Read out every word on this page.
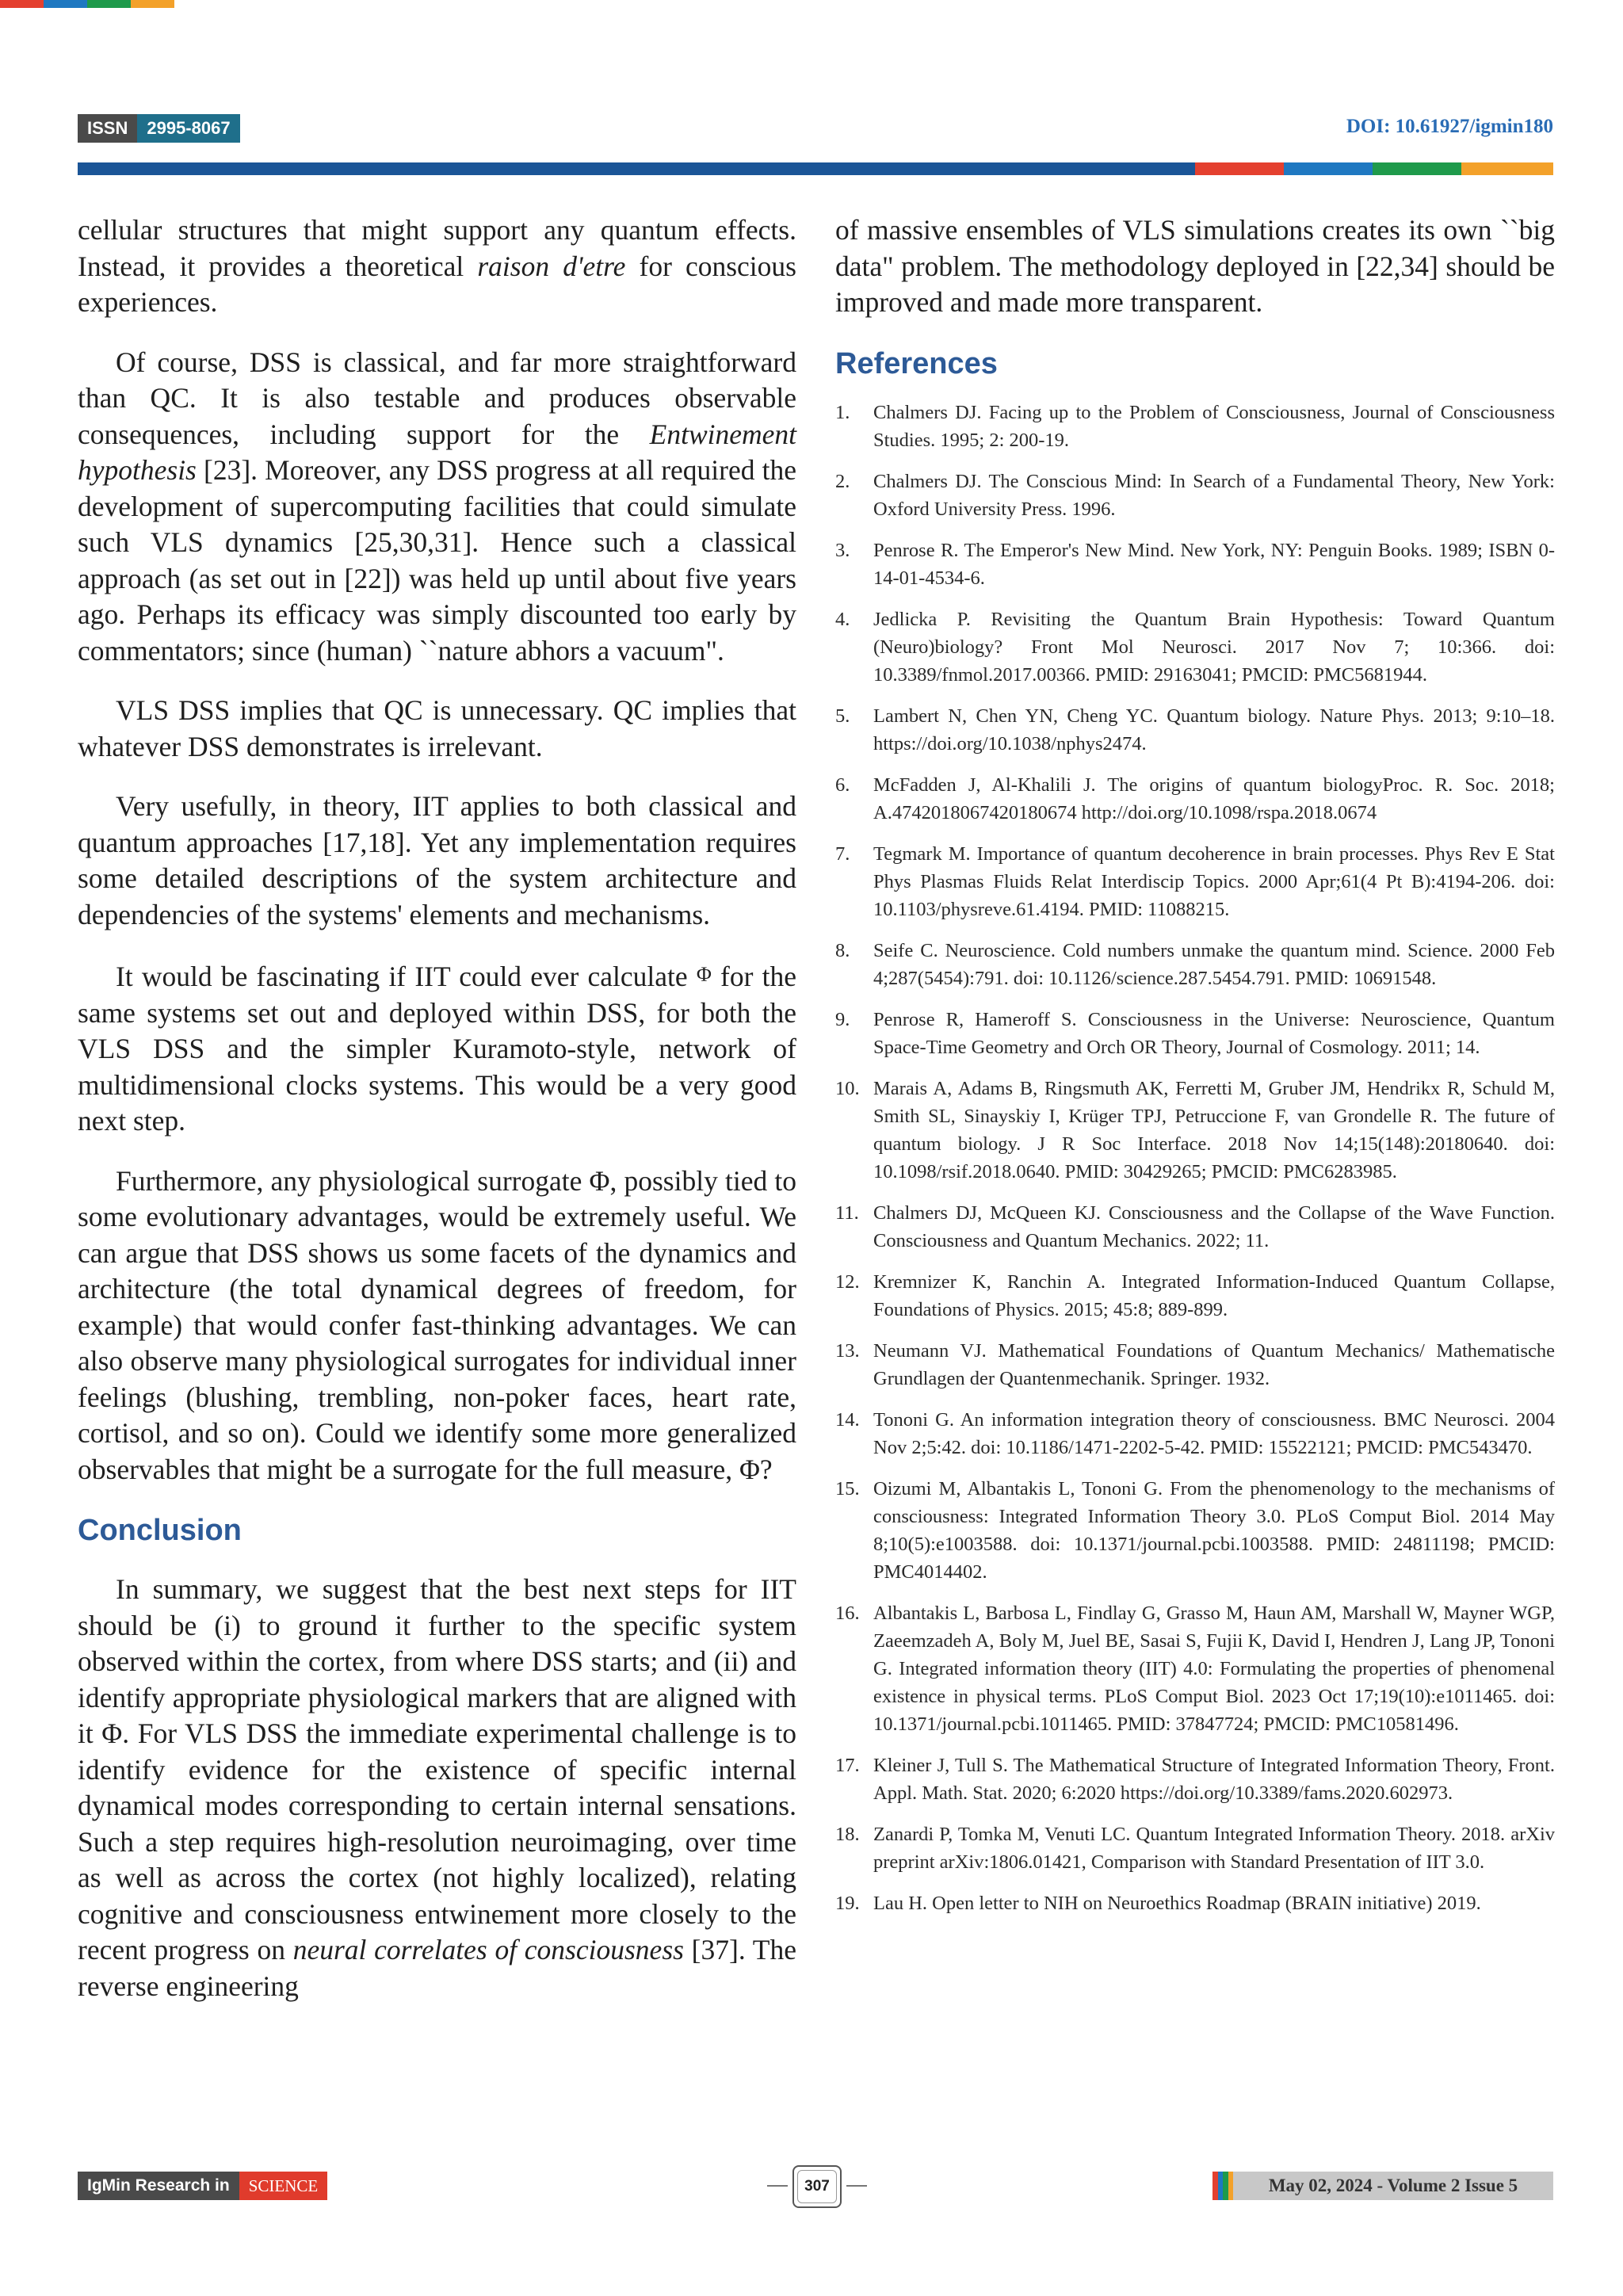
ISSN	2995-8067	DOI: 10.61927/igmin180

cellular structures that might support any quantum effects. Instead, it provides a theoretical raison d'etre for conscious experiences.

Of course, DSS is classical, and far more straightforward than QC. It is also testable and produces observable consequences, including support for the Entwinement hypothesis [23]. Moreover, any DSS progress at all required the development of supercomputing facilities that could simulate such VLS dynamics [25,30,31]. Hence such a classical approach (as set out in [22]) was held up until about five years ago. Perhaps its efficacy was simply discounted too early by commentators; since (human) ``nature abhors a vacuum".

VLS DSS implies that QC is unnecessary. QC implies that whatever DSS demonstrates is irrelevant.

Very usefully, in theory, IIT applies to both classical and quantum approaches [17,18]. Yet any implementation requires some detailed descriptions of the system architecture and dependencies of the systems' elements and mechanisms.

It would be fascinating if IIT could ever calculate Φ for the same systems set out and deployed within DSS, for both the VLS DSS and the simpler Kuramoto-style, network of multidimensional clocks systems. This would be a very good next step.

Furthermore, any physiological surrogate Φ, possibly tied to some evolutionary advantages, would be extremely useful. We can argue that DSS shows us some facets of the dynamics and architecture (the total dynamical degrees of freedom, for example) that would confer fast-thinking advantages. We can also observe many physiological surrogates for individual inner feelings (blushing, trembling, non-poker faces, heart rate, cortisol, and so on). Could we identify some more generalized observables that might be a surrogate for the full measure, Φ?

Conclusion

In summary, we suggest that the best next steps for IIT should be (i) to ground it further to the specific system observed within the cortex, from where DSS starts; and (ii) and identify appropriate physiological markers that are aligned with it Φ. For VLS DSS the immediate experimental challenge is to identify evidence for the existence of specific internal dynamical modes corresponding to certain internal sensations. Such a step requires high-resolution neuroimaging, over time as well as across the cortex (not highly localized), relating cognitive and consciousness entwinement more closely to the recent progress on neural correlates of consciousness [37]. The reverse engineering

of massive ensembles of VLS simulations creates its own ``big data" problem. The methodology deployed in [22,34] should be improved and made more transparent.

References
1.	Chalmers DJ. Facing up to the Problem of Consciousness, Journal of Consciousness Studies. 1995; 2: 200-19.
2.	Chalmers DJ. The Conscious Mind: In Search of a Fundamental Theory, New York: Oxford University Press. 1996.
3.	Penrose R. The Emperor's New Mind. New York, NY: Penguin Books. 1989; ISBN 0-14-01-4534-6.
4.	Jedlicka P. Revisiting the Quantum Brain Hypothesis: Toward Quantum (Neuro)biology? Front Mol Neurosci. 2017 Nov 7; 10:366. doi: 10.3389/fnmol.2017.00366. PMID: 29163041; PMCID: PMC5681944.
5.	Lambert N, Chen YN, Cheng YC. Quantum biology. Nature Phys. 2013; 9:10–18. https://doi.org/10.1038/nphys2474.
6.	McFadden J, Al-Khalili J. The origins of quantum biologyProc. R. Soc. 2018; A.4742018067420180674 http://doi.org/10.1098/rspa.2018.0674
7.	Tegmark M. Importance of quantum decoherence in brain processes. Phys Rev E Stat Phys Plasmas Fluids Relat Interdiscip Topics. 2000 Apr;61(4 Pt B):4194-206. doi: 10.1103/physreve.61.4194. PMID: 11088215.
8.	Seife C. Neuroscience. Cold numbers unmake the quantum mind. Science. 2000 Feb 4;287(5454):791. doi: 10.1126/science.287.5454.791. PMID: 10691548.
9.	Penrose R, Hameroff S. Consciousness in the Universe: Neuroscience, Quantum Space-Time Geometry and Orch OR Theory, Journal of Cosmology. 2011; 14.
10. Marais A, Adams B, Ringsmuth AK, Ferretti M, Gruber JM, Hendrikx R, Schuld M, Smith SL, Sinayskiy I, Krüger TPJ, Petruccione F, van Grondelle R. The future of quantum biology. J R Soc Interface. 2018 Nov 14;15(148):20180640. doi: 10.1098/rsif.2018.0640. PMID: 30429265; PMCID: PMC6283985.
11. Chalmers DJ, McQueen KJ. Consciousness and the Collapse of the Wave Function. Consciousness and Quantum Mechanics. 2022; 11.
12. Kremnizer K, Ranchin A. Integrated Information-Induced Quantum Collapse, Foundations of Physics. 2015; 45:8; 889-899.
13. Neumann VJ. Mathematical Foundations of Quantum Mechanics/ Mathematische Grundlagen der Quantenmechanik. Springer. 1932.
14. Tononi G. An information integration theory of consciousness. BMC Neurosci. 2004 Nov 2;5:42. doi: 10.1186/1471-2202-5-42. PMID: 15522121; PMCID: PMC543470.
15. Oizumi M, Albantakis L, Tononi G. From the phenomenology to the mechanisms of consciousness: Integrated Information Theory 3.0. PLoS Comput Biol. 2014 May 8;10(5):e1003588. doi: 10.1371/journal.pcbi.1003588. PMID: 24811198; PMCID: PMC4014402.
16. Albantakis L, Barbosa L, Findlay G, Grasso M, Haun AM, Marshall W, Mayner WGP, Zaeemzadeh A, Boly M, Juel BE, Sasai S, Fujii K, David I, Hendren J, Lang JP, Tononi G. Integrated information theory (IIT) 4.0: Formulating the properties of phenomenal existence in physical terms. PLoS Comput Biol. 2023 Oct 17;19(10):e1011465. doi: 10.1371/journal.pcbi.1011465. PMID: 37847724; PMCID: PMC10581496.
17. Kleiner J, Tull S. The Mathematical Structure of Integrated Information Theory, Front. Appl. Math. Stat. 2020; 6:2020 https://doi.org/10.3389/fams.2020.602973.
18. Zanardi P, Tomka M, Venuti LC. Quantum Integrated Information Theory. 2018. arXiv preprint arXiv:1806.01421, Comparison with Standard Presentation of IIT 3.0.
19. Lau H. Open letter to NIH on Neuroethics Roadmap (BRAIN initiative) 2019.
IgMin Research in	SCIENCE	307	May 02, 2024 - Volume 2 Issue 5
